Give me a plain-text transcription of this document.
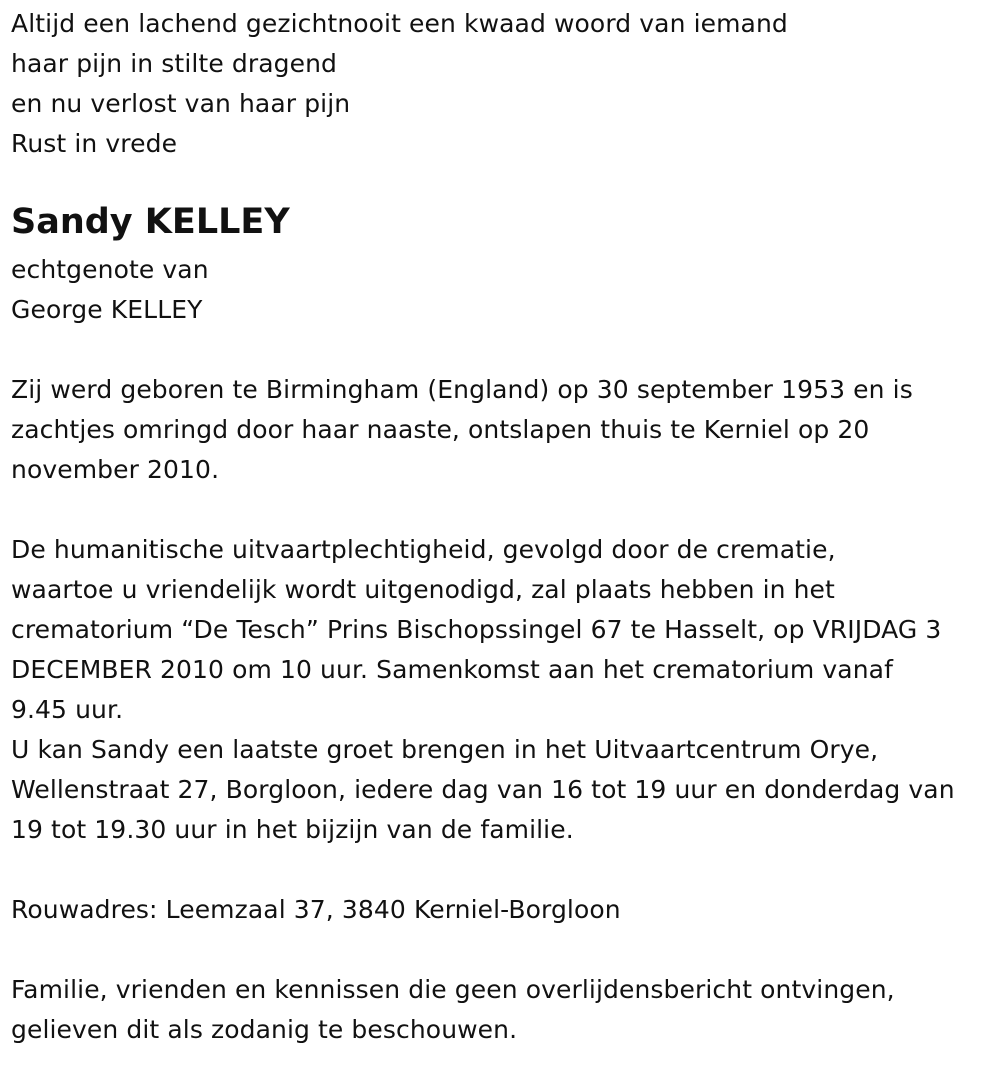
Altijd een lachend gezichtnooit een kwaad woord van iemand
haar pijn in stilte dragend
en nu verlost van haar pijn
Rust in vrede
Sandy KELLEY
echtgenote van
George KELLEY
Zij werd geboren te Birmingham (England) op 30 september 1953 en is
zachtjes omringd door haar naaste, ontslapen thuis te Kerniel op 20
november 2010.
De humanitische uitvaartplechtigheid, gevolgd door de crematie,
waartoe u vriendelijk wordt uitgenodigd, zal plaats hebben in het
crematorium “De Tesch” Prins Bischopssingel 67 te Hasselt, op VRIJDAG 3
DECEMBER 2010 om 10 uur. Samenkomst aan het crematorium vanaf
9.45 uur.
U kan Sandy een laatste groet brengen in het Uitvaartcentrum Orye,
Wellenstraat 27, Borgloon, iedere dag van 16 tot 19 uur en donderdag van
19 tot 19.30 uur in het bijzijn van de familie.
Rouwadres: Leemzaal 37, 3840 Kerniel-Borgloon
Familie, vrienden en kennissen die geen overlijdensbericht ontvingen,
gelieven dit als zodanig te beschouwen.
